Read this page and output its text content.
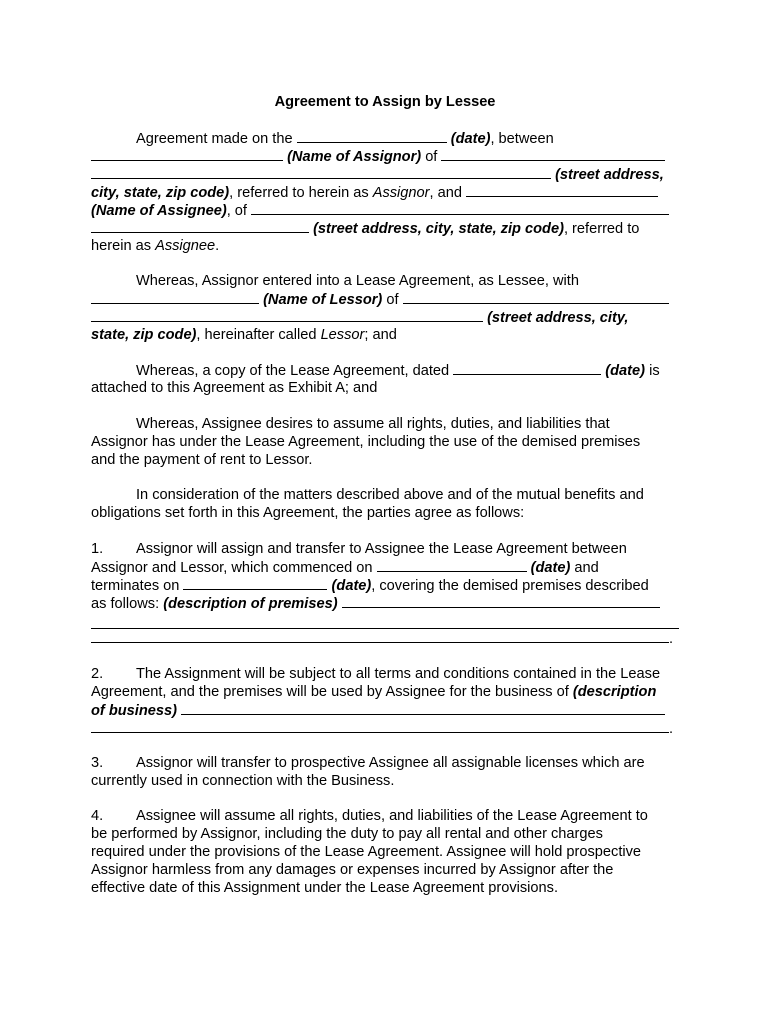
Agreement to Assign by Lessee
Agreement made on the	(date), between
(Name of Assignor) of
(street address,
city, state, zip code), referred to herein as Assignor, and
(Name of Assignee), of
(street address, city, state, zip code), referred to
herein as Assignee.
Whereas, Assignor entered into a Lease Agreement, as Lessee, with
(Name of Lessor) of
(street address, city,
state, zip code), hereinafter called Lessor; and
Whereas, a copy of the Lease Agreement, dated	(date) is
attached to this Agreement as Exhibit A; and
Whereas, Assignee desires to assume all rights, duties, and liabilities that
Assignor has under the Lease Agreement, including the use of the demised premises
and the payment of rent to Lessor.
In consideration of the matters described above and of the mutual benefits and
obligations set forth in this Agreement, the parties agree as follows:
1. Assignor will assign and transfer to Assignee the Lease Agreement between
Assignor and Lessor, which commenced on	(date) and
terminates on	(date), covering the demised premises described
as follows: (description of premises)
.
2. The Assignment will be subject to all terms and conditions contained in the Lease
Agreement, and the premises will be used by Assignee for the business of (description
of business)
.
3. Assignor will transfer to prospective Assignee all assignable licenses which are
currently used in connection with the Business.
4. Assignee will assume all rights, duties, and liabilities of the Lease Agreement to
be performed by Assignor, including the duty to pay all rental and other charges
required under the provisions of the Lease Agreement. Assignee will hold prospective
Assignor harmless from any damages or expenses incurred by Assignor after the
effective date of this Assignment under the Lease Agreement provisions.
